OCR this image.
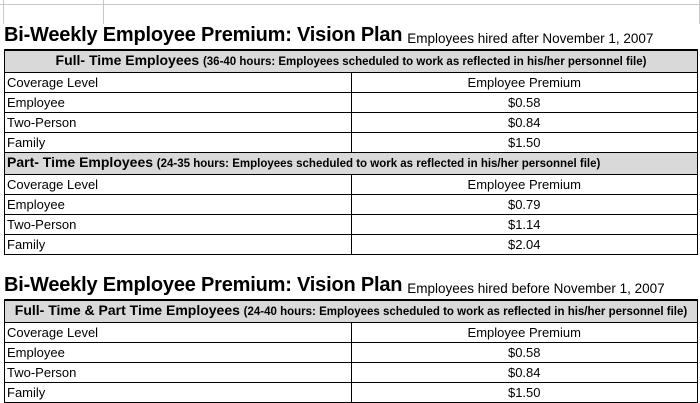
Bi-Weekly Employee Premium: Vision Plan Employees hired after November 1, 2007
Full- Time Employees (36-40 hours: Employees scheduled to work as reflected in his/her personnel file)	
Coverage Level	Employee Premium
Employee	$0.58
Two-Person	$0.84
Family	$1.50
Part- Time Employees (24-35 hours: Employees scheduled to work as reflected in his/her personnel file)	
Coverage Level	Employee Premium
Employee	$0.79
Two-Person	$1.14
Family	$2.04
Bi-Weekly Employee Premium: Vision Plan Employees hired before November 1, 2007
Full- Time & Part Time Employees (24-40 hours: Employees scheduled to work as reflected in his/her personnel file)	
Coverage Level	Employee Premium
Employee	$0.58
Two-Person	$0.84
Family	$1.50
